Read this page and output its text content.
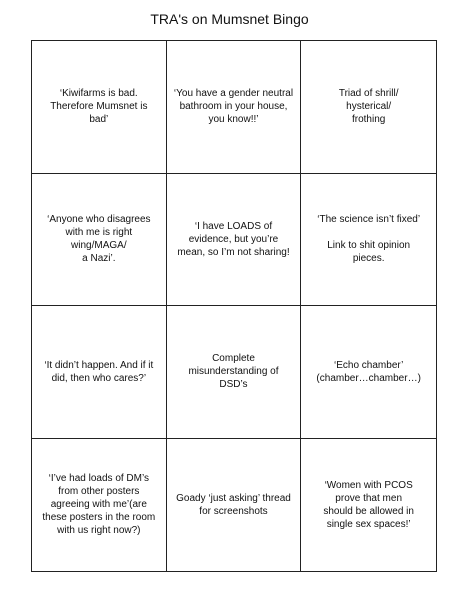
TRA's on Mumsnet Bingo
‘Kiwifarms is bad.
Therefore Mumsnet is
bad’
‘You have a gender neutral
bathroom in your house,
you know!!’
Triad of shrill/
hysterical/
frothing
‘Anyone who disagrees
with me is right
wing/MAGA/
a Nazi’.
‘I have LOADS of
evidence, but you’re
mean, so I’m not sharing!
‘The science isn’t fixed’

Link to shit opinion
pieces.
‘It didn’t happen. And if it
did, then who cares?’
Complete
misunderstanding of
DSD’s
‘Echo chamber’
(chamber…chamber…)
‘I’ve had loads of DM’s
from other posters
agreeing with me’(are
these posters in the room
with us right now?)
Goady ‘just asking’ thread
for screenshots
‘Women with PCOS
prove that men
should be allowed in
single sex spaces!’
